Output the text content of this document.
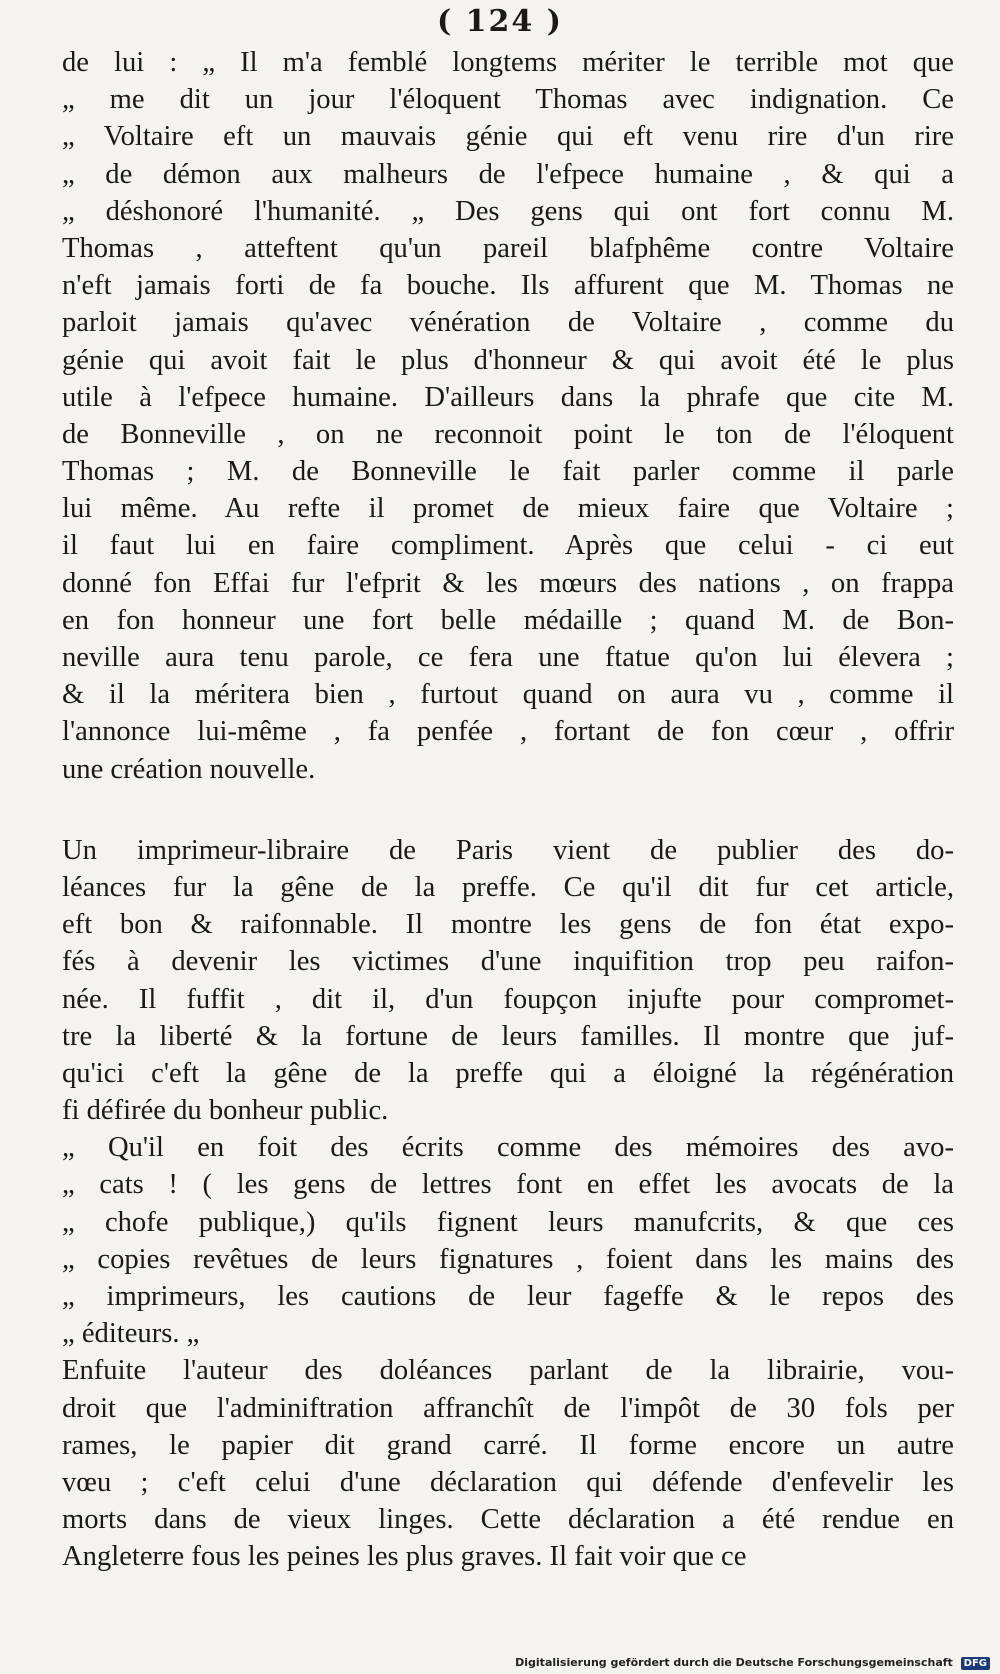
( 124 )
de lui : „ Il m'a femblé longtems mériter le terrible mot que
„ me dit un jour l'éloquent Thomas avec indignation. Ce
„ Voltaire eft un mauvais génie qui eft venu rire d'un rire
„ de démon aux malheurs de l'efpece humaine , & qui a
„ déshonoré l'humanité. „ Des gens qui ont fort connu M.
Thomas , atteftent qu'un pareil blafphême contre Voltaire
n'eft jamais forti de fa bouche. Ils affurent que M. Thomas ne
parloit jamais qu'avec vénération de Voltaire , comme du
génie qui avoit fait le plus d'honneur & qui avoit été le plus
utile à l'efpece humaine. D'ailleurs dans la phrafe que cite M.
de Bonneville , on ne reconnoit point le ton de l'éloquent
Thomas ; M. de Bonneville le fait parler comme il parle
lui même. Au refte il promet de mieux faire que Voltaire ;
il faut lui en faire compliment. Après que celui - ci eut
donné fon Effai fur l'efprit & les mœurs des nations , on frappa
en fon honneur une fort belle médaille ; quand M. de Bon-
neville aura tenu parole, ce fera une ftatue qu'on lui élevera ;
& il la méritera bien , furtout quand on aura vu , comme il
l'annonce lui-même , fa penfée , fortant de fon cœur , offrir
une création nouvelle.
Un imprimeur-libraire de Paris vient de publier des do-
léances fur la gêne de la preffe. Ce qu'il dit fur cet article,
eft bon & raifonnable. Il montre les gens de fon état expo-
fés à devenir les victimes d'une inquifition trop peu raifon-
née. Il fuffit , dit il, d'un foupçon injufte pour compromet-
tre la liberté & la fortune de leurs familles. Il montre que juf-
qu'ici c'eft la gêne de la preffe qui a éloigné la régénération
fi défirée du bonheur public.
„ Qu'il en foit des écrits comme des mémoires des avo-
„ cats ! ( les gens de lettres font en effet les avocats de la
„ chofe publique,) qu'ils fignent leurs manufcrits, & que ces
„ copies revêtues de leurs fignatures , foient dans les mains des
„ imprimeurs, les cautions de leur fageffe & le repos des
„ éditeurs. „
Enfuite l'auteur des doléances parlant de la librairie, vou-
droit que l'adminiftration affranchît de l'impôt de 30 fols per
rames, le papier dit grand carré. Il forme encore un autre
vœu ; c'eft celui d'une déclaration qui défende d'enfevelir les
morts dans de vieux linges. Cette déclaration a été rendue en
Angleterre fous les peines les plus graves. Il fait voir que ce
Digitalisierung gefördert durch die Deutsche Forschungsgemeinschaft DFG
